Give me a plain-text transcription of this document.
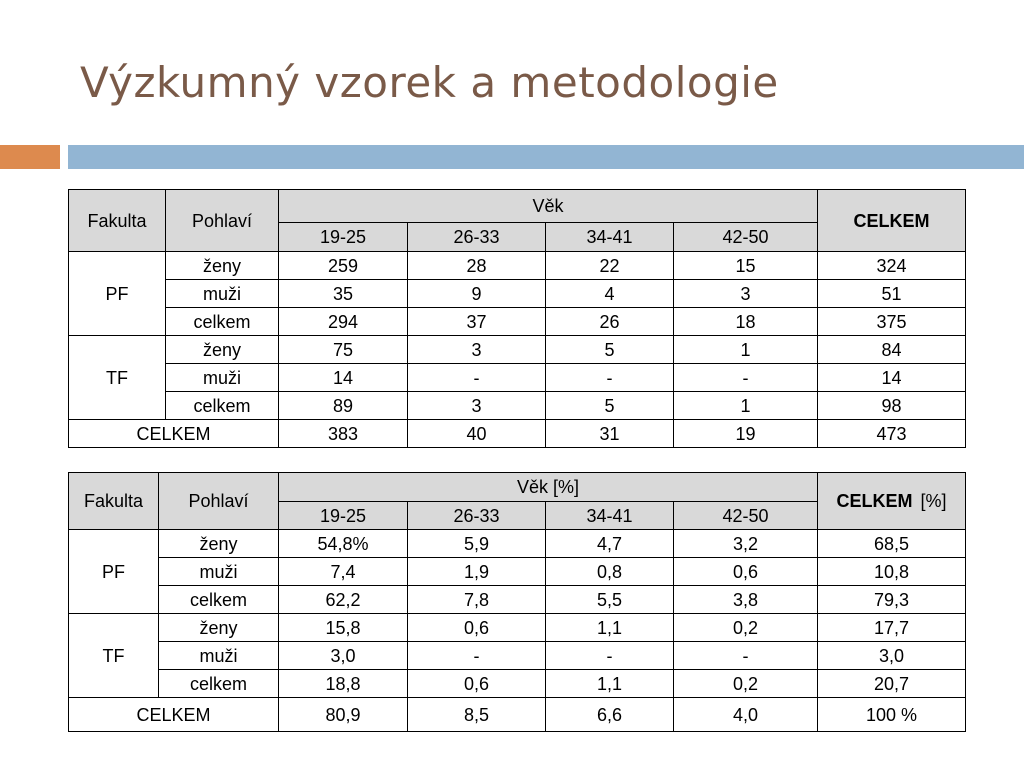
Výzkumný vzorek a metodologie
Fakulta	Pohlaví	Věk				CELKEM
		19-25	26-33	34-41	42-50	
PF	ženy	259	28	22	15	324
	muži	35	9	4	3	51
	celkem	294	37	26	18	375
TF	ženy	75	3	5	1	84
	muži	14	-	-	-	14
	celkem	89	3	5	1	98
CELKEM		383	40	31	19	473
Fakulta	Pohlaví	Věk [%]				CELKEM [%]
		19-25	26-33	34-41	42-50	
PF	ženy	54,8%	5,9	4,7	3,2	68,5
	muži	7,4	1,9	0,8	0,6	10,8
	celkem	62,2	7,8	5,5	3,8	79,3
TF	ženy	15,8	0,6	1,1	0,2	17,7
	muži	3,0	-	-	-	3,0
	celkem	18,8	0,6	1,1	0,2	20,7
CELKEM		80,9	8,5	6,6	4,0	100 %
